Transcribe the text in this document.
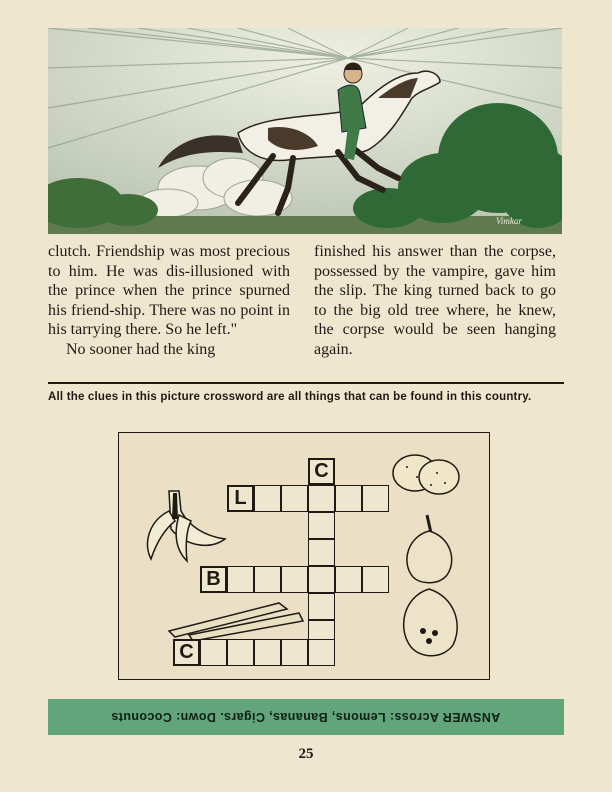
Vimkar

clutch. Friendship was most precious to him. He was dis-illusioned with the prince when the prince spurned his friend-ship. There was no point in his tarrying there. So he left."

No sooner had the king

finished his answer than the corpse, possessed by the vampire, gave him the slip. The king turned back to go to the big old tree where, he knew, the corpse would be seen hanging again.

All the clues in this picture crossword are all things that can be found in this country.
L
C
B
C
ANSWER Across: Lemons, Bananas, Cigars. Down: Coconuts
25
